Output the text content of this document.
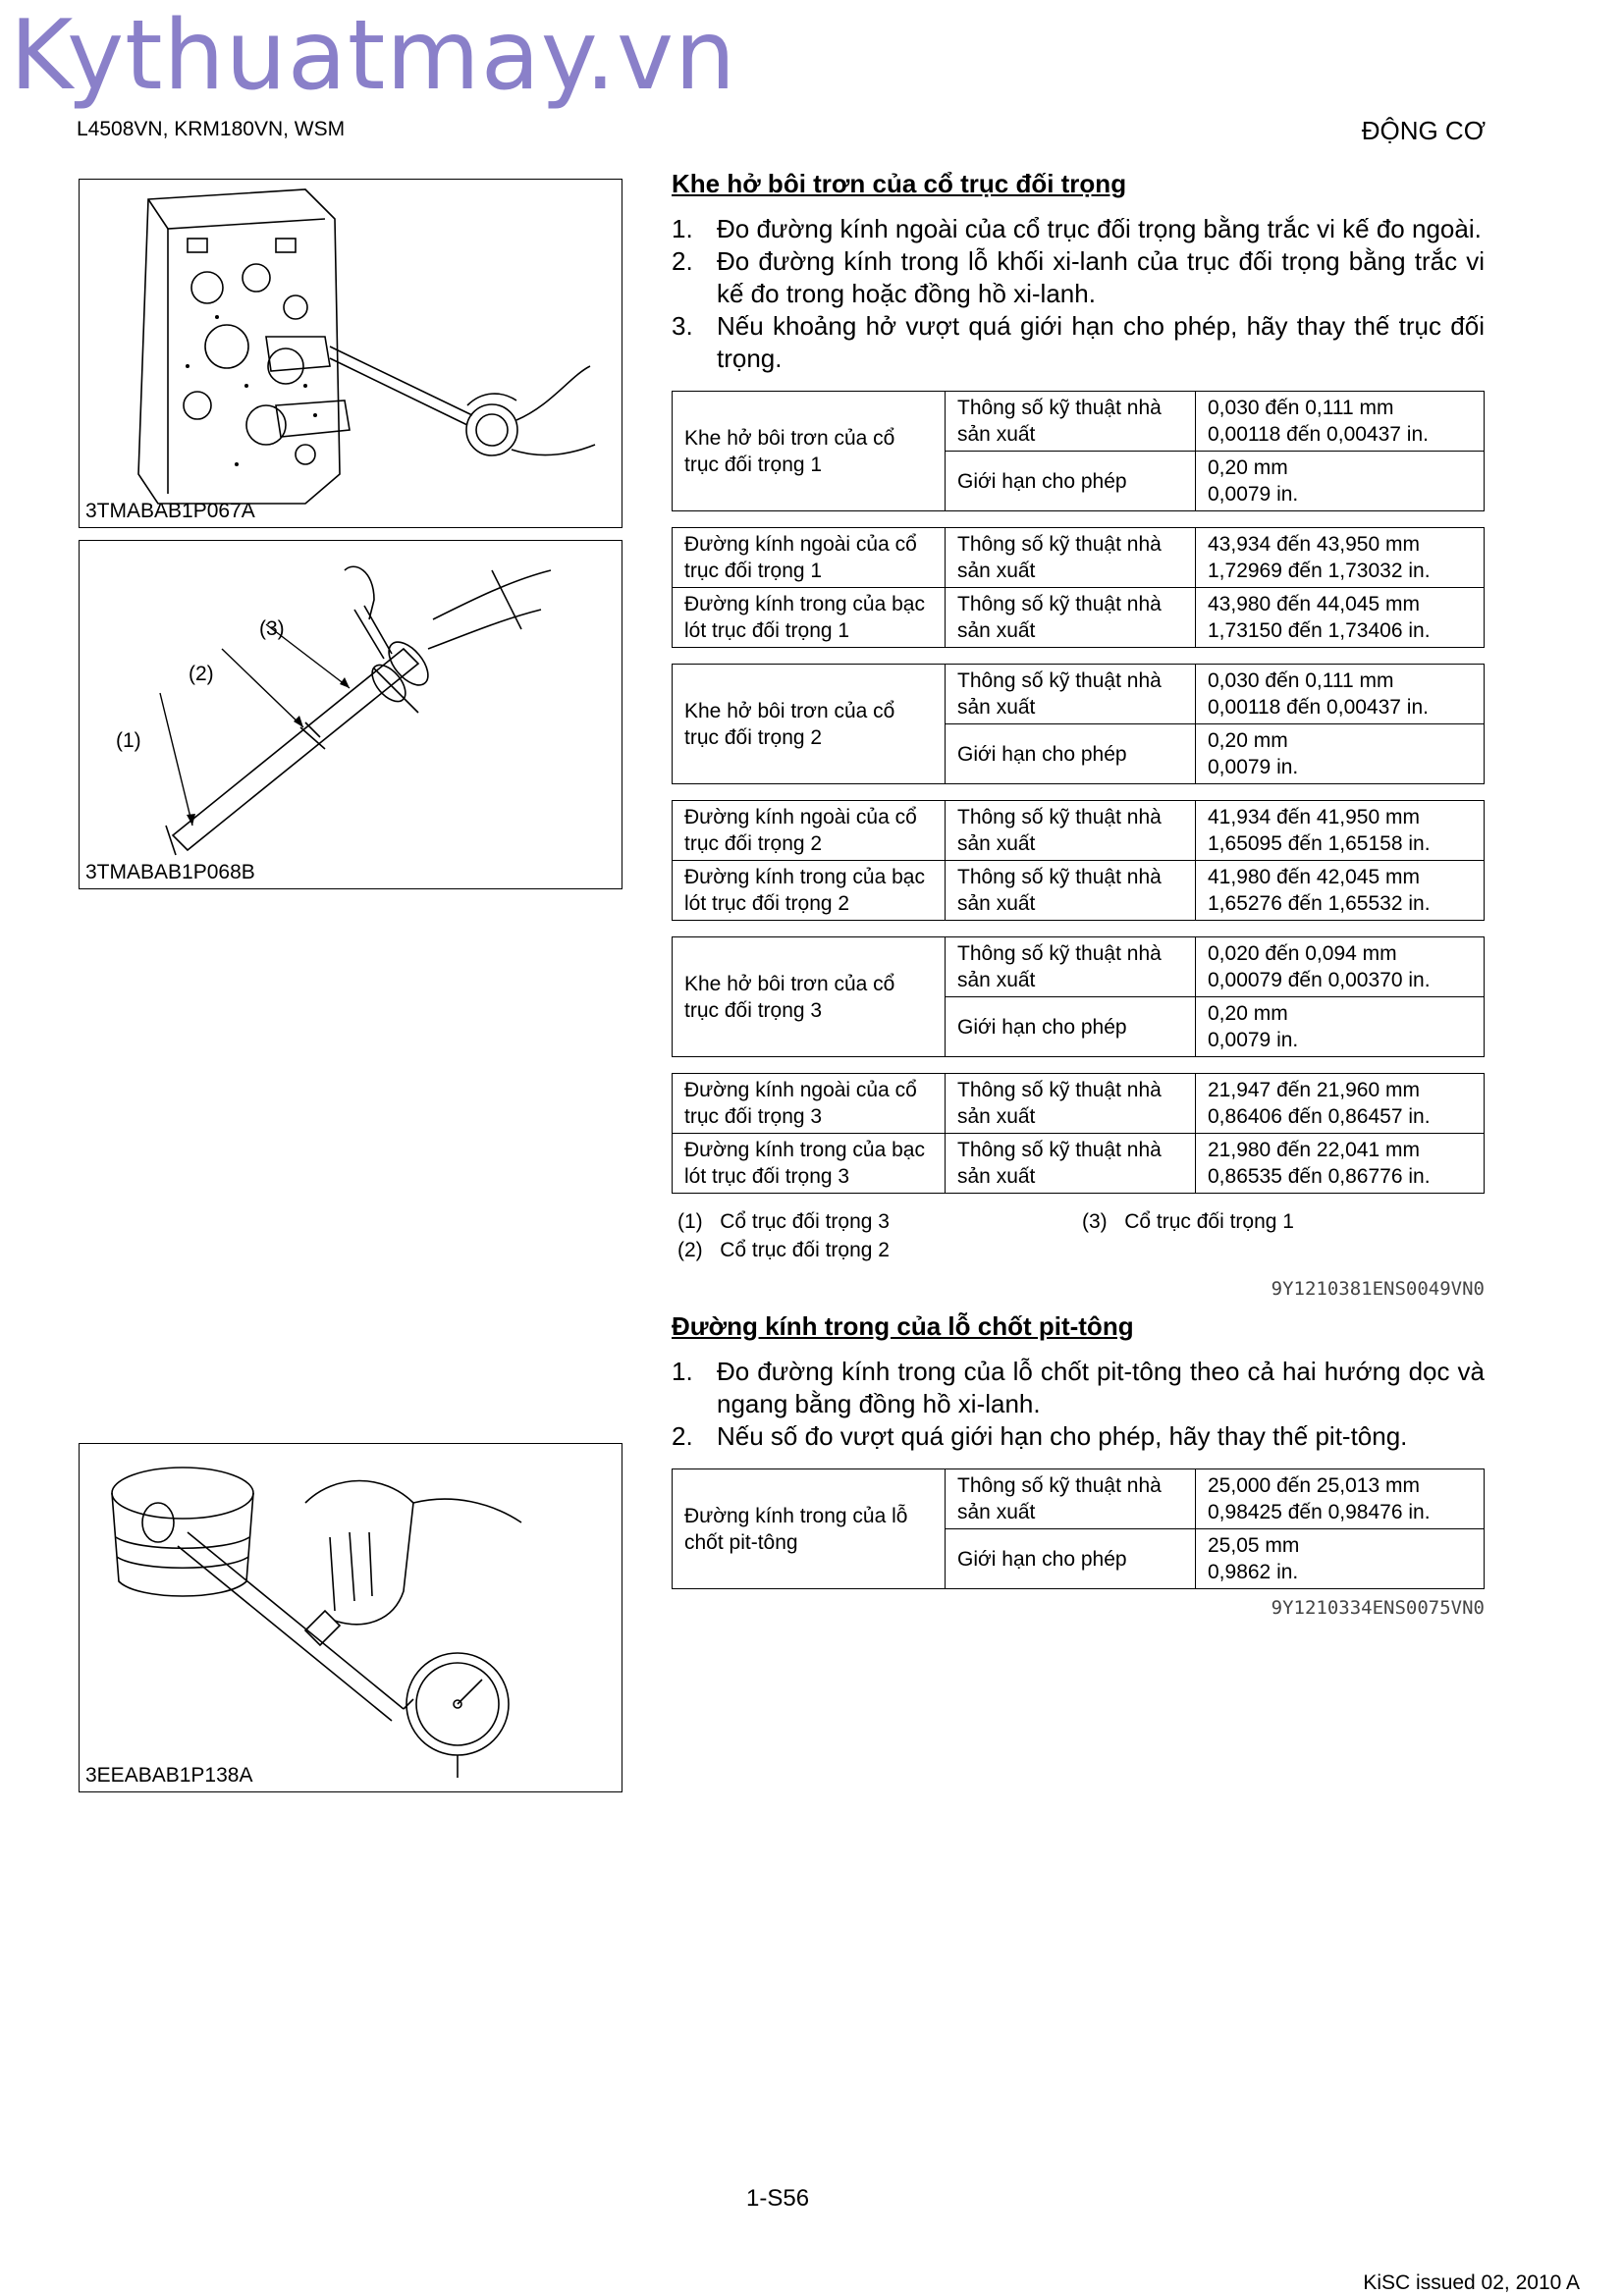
Kythuatmay.vn
L4508VN, KRM180VN, WSM	ĐỘNG CƠ
3TMABAB1P067A
(3)
(2)
(1)
3TMABAB1P068B
3EEABAB1P138A
Khe hở bôi trơn của cổ trục đối trọng
1. Đo đường kính ngoài của cổ trục đối trọng bằng trắc vi kế đo ngoài.
2. Đo đường kính trong lỗ khối xi-lanh của trục đối trọng bằng trắc vi kế đo trong hoặc đồng hồ xi-lanh.
3. Nếu khoảng hở vượt quá giới hạn cho phép, hãy thay thế trục đối trọng.
Khe hở bôi trơn của cổ trục đối trọng 1	Thông số kỹ thuật nhà sản xuất	0,030 đến 0,111 mm
0,00118 đến 0,00437 in.
	Giới hạn cho phép	0,20 mm
0,0079 in.
Đường kính ngoài của cổ trục đối trọng 1	Thông số kỹ thuật nhà sản xuất	43,934 đến 43,950 mm
1,72969 đến 1,73032 in.
Đường kính trong của bạc lót trục đối trọng 1	Thông số kỹ thuật nhà sản xuất	43,980 đến 44,045 mm
1,73150 đến 1,73406 in.
Khe hở bôi trơn của cổ trục đối trọng 2	Thông số kỹ thuật nhà sản xuất	0,030 đến 0,111 mm
0,00118 đến 0,00437 in.
	Giới hạn cho phép	0,20 mm
0,0079 in.
Đường kính ngoài của cổ trục đối trọng 2	Thông số kỹ thuật nhà sản xuất	41,934 đến 41,950 mm
1,65095 đến 1,65158 in.
Đường kính trong của bạc lót trục đối trọng 2	Thông số kỹ thuật nhà sản xuất	41,980 đến 42,045 mm
1,65276 đến 1,65532 in.
Khe hở bôi trơn của cổ trục đối trọng 3	Thông số kỹ thuật nhà sản xuất	0,020 đến 0,094 mm
0,00079 đến 0,00370 in.
	Giới hạn cho phép	0,20 mm
0,0079 in.
Đường kính ngoài của cổ trục đối trọng 3	Thông số kỹ thuật nhà sản xuất	21,947 đến 21,960 mm
0,86406 đến 0,86457 in.
Đường kính trong của bạc lót trục đối trọng 3	Thông số kỹ thuật nhà sản xuất	21,980 đến 22,041 mm
0,86535 đến 0,86776 in.
(1) Cổ trục đối trọng 3
(2) Cổ trục đối trọng 2
(3) Cổ trục đối trọng 1
9Y1210381ENS0049VN0
Đường kính trong của lỗ chốt pit-tông
1. Đo đường kính trong của lỗ chốt pit-tông theo cả hai hướng dọc và ngang bằng đồng hồ xi-lanh.
2. Nếu số đo vượt quá giới hạn cho phép, hãy thay thế pit-tông.
Đường kính trong của lỗ chốt pit-tông	Thông số kỹ thuật nhà sản xuất	25,000 đến 25,013 mm
0,98425 đến 0,98476 in.
	Giới hạn cho phép	25,05 mm
0,9862 in.
9Y1210334ENS0075VN0
1-S56
KiSC issued 02, 2010 A
